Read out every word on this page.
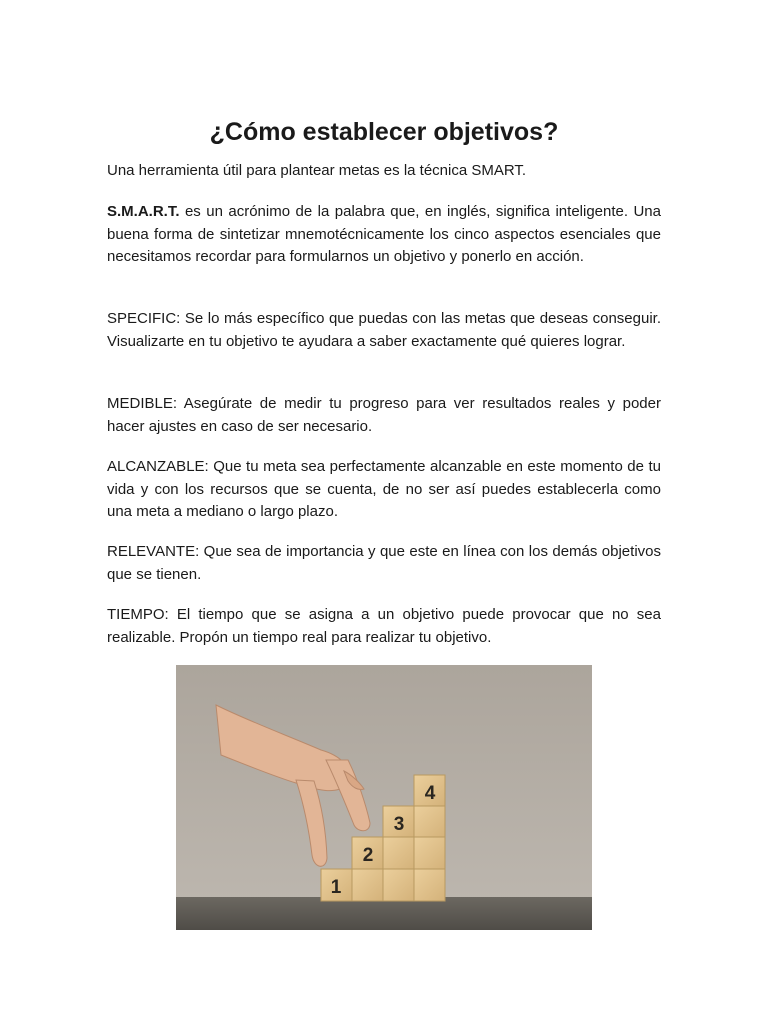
¿Cómo establecer objetivos?

Una herramienta útil para plantear metas es la técnica SMART.

S.M.A.R.T. es un acrónimo de la palabra que, en inglés, significa inteligente. Una buena forma de sintetizar mnemotécnicamente los cinco aspectos esenciales que necesitamos recordar para formularnos un objetivo y ponerlo en acción.

SPECIFIC: Se lo más específico que puedas con las metas que deseas conseguir. Visualizarte en tu objetivo te ayudara a saber exactamente qué quieres lograr.

MEDIBLE: Asegúrate de medir tu progreso para ver resultados reales y poder hacer ajustes en caso de ser necesario.

ALCANZABLE: Que tu meta sea perfectamente alcanzable en este momento de tu vida y con los recursos que se cuenta, de no ser así puedes establecerla como una meta a mediano o largo plazo.

RELEVANTE: Que sea de importancia y que este en línea con los demás objetivos que se tienen.

TIEMPO: El tiempo que se asigna a un objetivo puede provocar que no sea realizable. Propón un tiempo real para realizar tu objetivo.

1
2
3
4
